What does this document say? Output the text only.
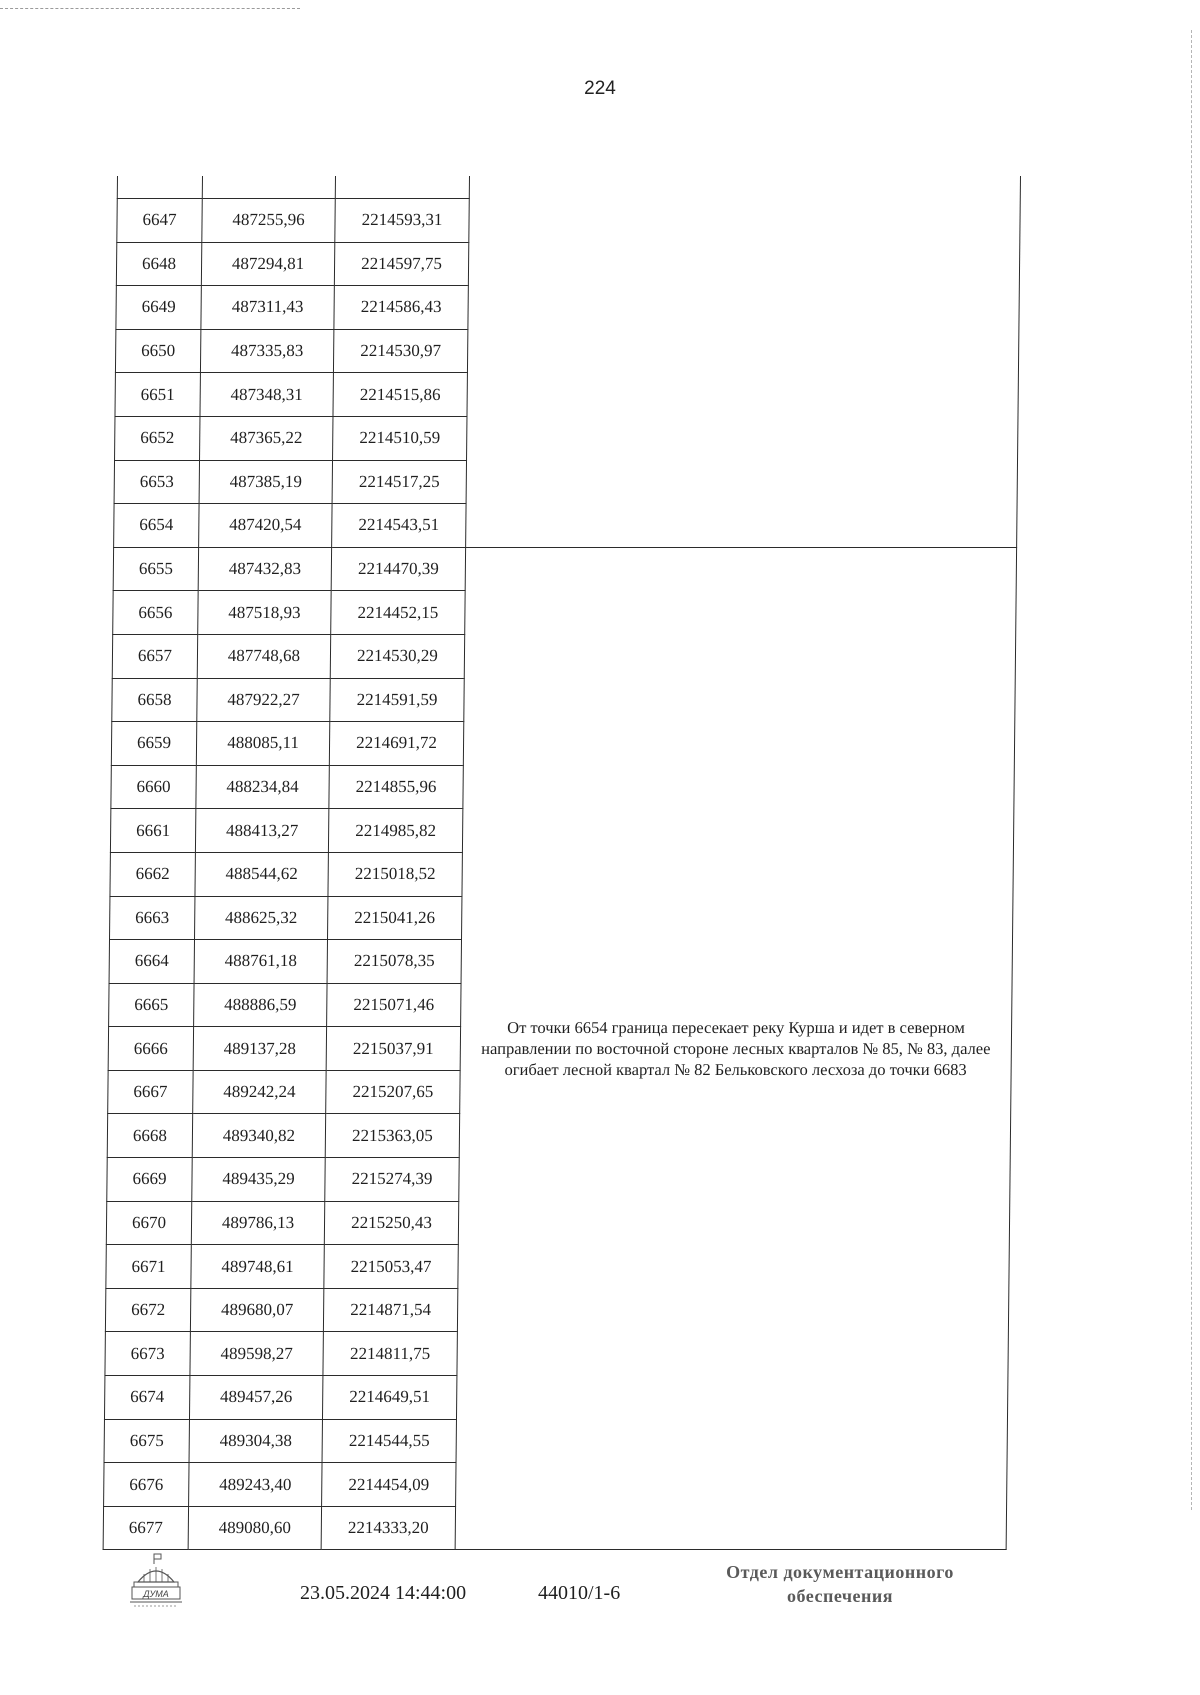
224

6647	487255,96	2214593,31	
6648	487294,81	2214597,75	
6649	487311,43	2214586,43	
6650	487335,83	2214530,97	
6651	487348,31	2214515,86	
6652	487365,22	2214510,59	
6653	487385,19	2214517,25	
6654	487420,54	2214543,51	
6655	487432,83	2214470,39	От точки 6654 граница пересекает реку Курша и идет в северном направлении по восточной стороне лесных кварталов № 85, № 83, далее огибает лесной квартал № 82 Бельковского лесхоза до точки 6683
6656	487518,93	2214452,15	
6657	487748,68	2214530,29	
6658	487922,27	2214591,59	
6659	488085,11	2214691,72	
6660	488234,84	2214855,96	
6661	488413,27	2214985,82	
6662	488544,62	2215018,52	
6663	488625,32	2215041,26	
6664	488761,18	2215078,35	
6665	488886,59	2215071,46	
6666	489137,28	2215037,91	
6667	489242,24	2215207,65	
6668	489340,82	2215363,05	
6669	489435,29	2215274,39	
6670	489786,13	2215250,43	
6671	489748,61	2215053,47	
6672	489680,07	2214871,54	
6673	489598,27	2214811,75	
6674	489457,26	2214649,51	
6675	489304,38	2214544,55	
6676	489243,40	2214454,09	
6677	489080,60	2214333,20	
ДУМА	23.05.2024 14:44:00	44010/1-6
Отдел документационного
обеспечения
